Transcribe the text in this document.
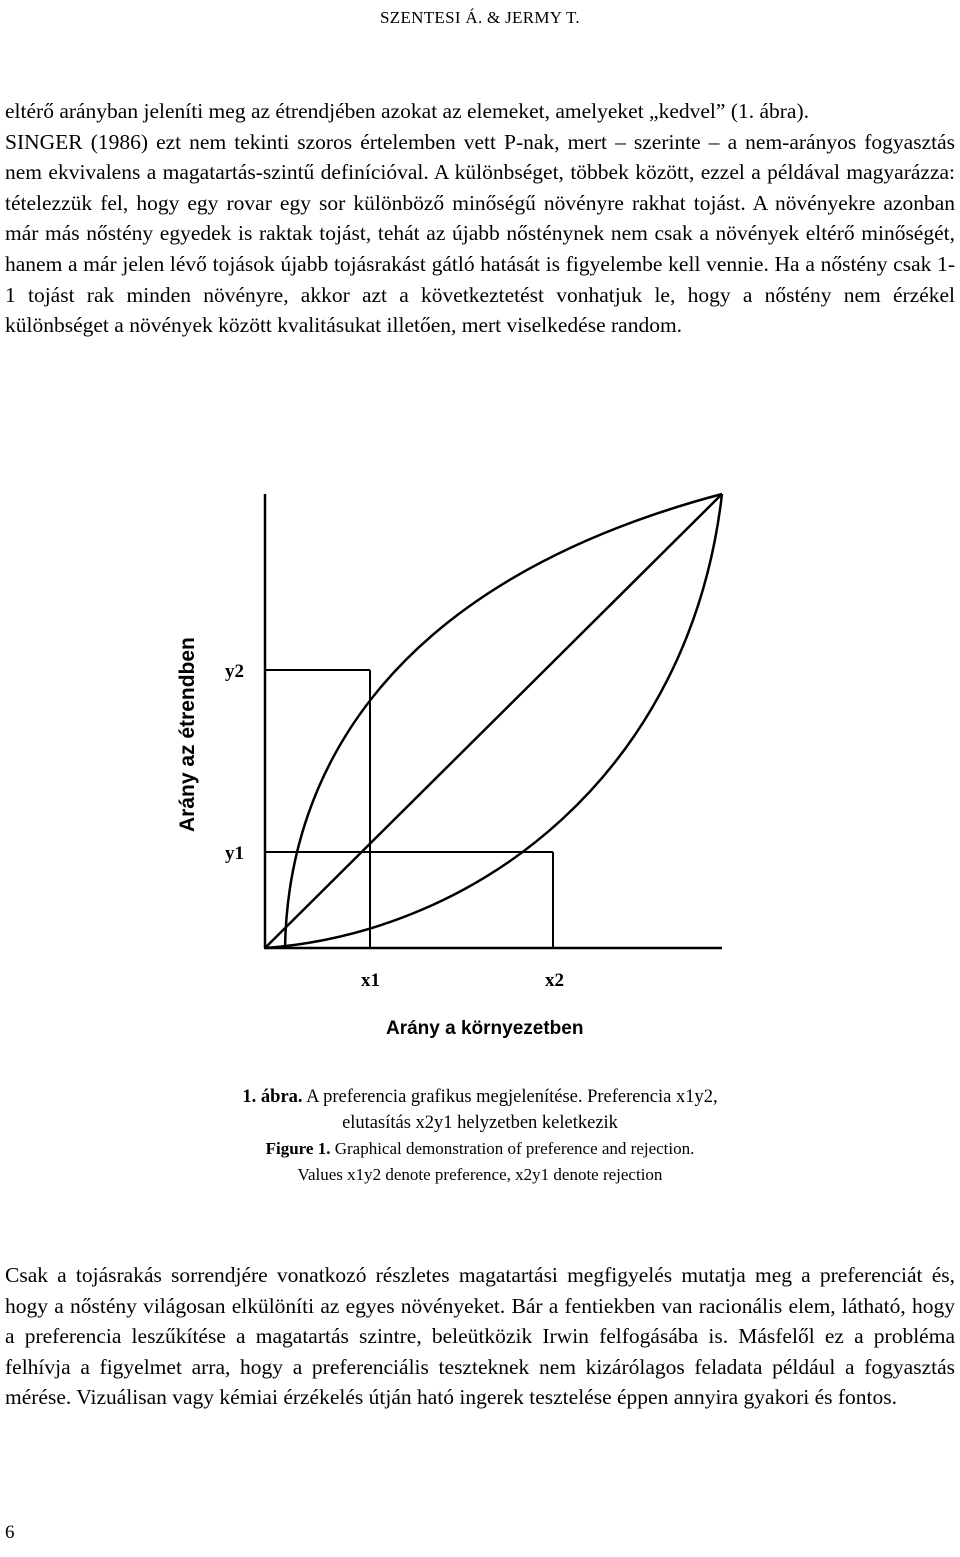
SZENTESI Á. & JERMY T.
eltérő arányban jeleníti meg az étrendjében azokat az elemeket, amelyeket „kedvel” (1. ábra).
SINGER (1986) ezt nem tekinti szoros értelemben vett P-nak, mert – szerinte – a nem-arányos fogyasztás nem ekvivalens a magatartás-szintű definícióval. A különbséget, többek között, ezzel a példával magyarázza: tételezzük fel, hogy egy rovar egy sor különböző minőségű növényre rakhat tojást. A növényekre azonban már más nőstény egyedek is raktak tojást, tehát az újabb nősténynek nem csak a növények eltérő minőségét, hanem a már jelen lévő tojások újabb tojásrakást gátló hatását is figyelembe kell vennie. Ha a nőstény csak 1-1 tojást rak minden növényre, akkor azt a következtetést vonhatjuk le, hogy a nőstény nem érzékel különbséget a növények között kvalitásukat illetően, mert viselkedése random.
y2
y1
x1	x2
Arány az étrendben
Arány a környezetben
1. ábra. A preferencia grafikus megjelenítése. Preferencia x1y2,
elutasítás x2y1 helyzetben keletkezik
Figure 1. Graphical demonstration of preference and rejection.
Values x1y2 denote preference, x2y1 denote rejection
Csak a tojásrakás sorrendjére vonatkozó részletes magatartási megfigyelés mutatja meg a preferenciát és, hogy a nőstény világosan elkülöníti az egyes növényeket. Bár a fentiekben van racionális elem, látható, hogy a preferencia leszűkítése a magatartás szintre, beleütközik Irwin felfogásába is. Másfelől ez a probléma felhívja a figyelmet arra, hogy a preferenciális teszteknek nem kizárólagos feladata például a fogyasztás mérése. Vizuálisan vagy kémiai érzékelés útján ható ingerek tesztelése éppen annyira gyakori és fontos.
6
